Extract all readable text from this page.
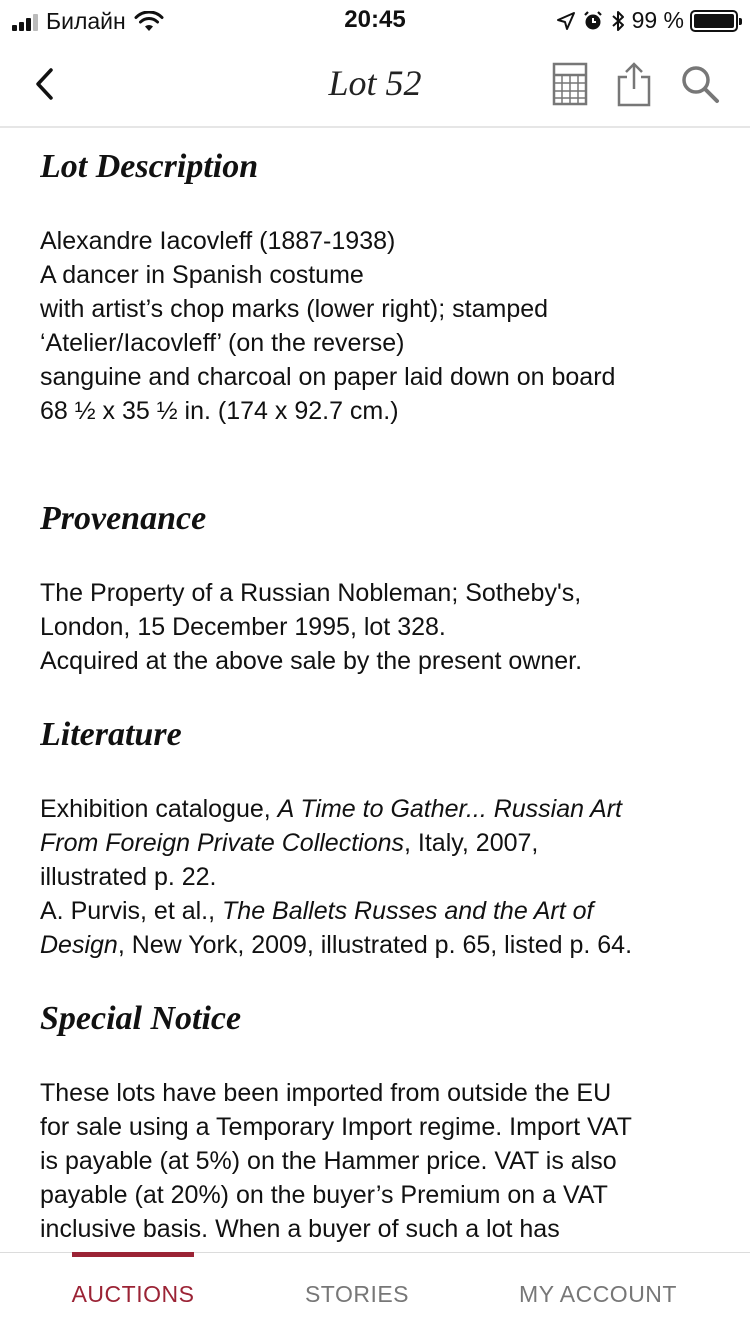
Билайн	20:45	99 %
Lot 52
Lot Description

Alexandre Iacovleff (1887-1938)

A dancer in Spanish costume

with artist’s chop marks (lower right); stamped

‘Atelier/Iacovleff’ (on the reverse)

sanguine and charcoal on paper laid down on board

68 ½ x 35 ½ in. (174 x 92.7 cm.)

Provenance

The Property of a Russian Nobleman; Sotheby's,

London, 15 December 1995, lot 328.

Acquired at the above sale by the present owner.

Literature

Exhibition catalogue, A Time to Gather... Russian Art

From Foreign Private Collections, Italy, 2007,

illustrated p. 22.

A. Purvis, et al., The Ballets Russes and the Art of

Design, New York, 2009, illustrated p. 65, listed p. 64.

Special Notice

These lots have been imported from outside the EU

for sale using a Temporary Import regime. Import VAT

is payable (at 5%) on the Hammer price. VAT is also

payable (at 20%) on the buyer’s Premium on a VAT

inclusive basis. When a buyer of such a lot has

AUCTIONS	STORIES	MY ACCOUNT
